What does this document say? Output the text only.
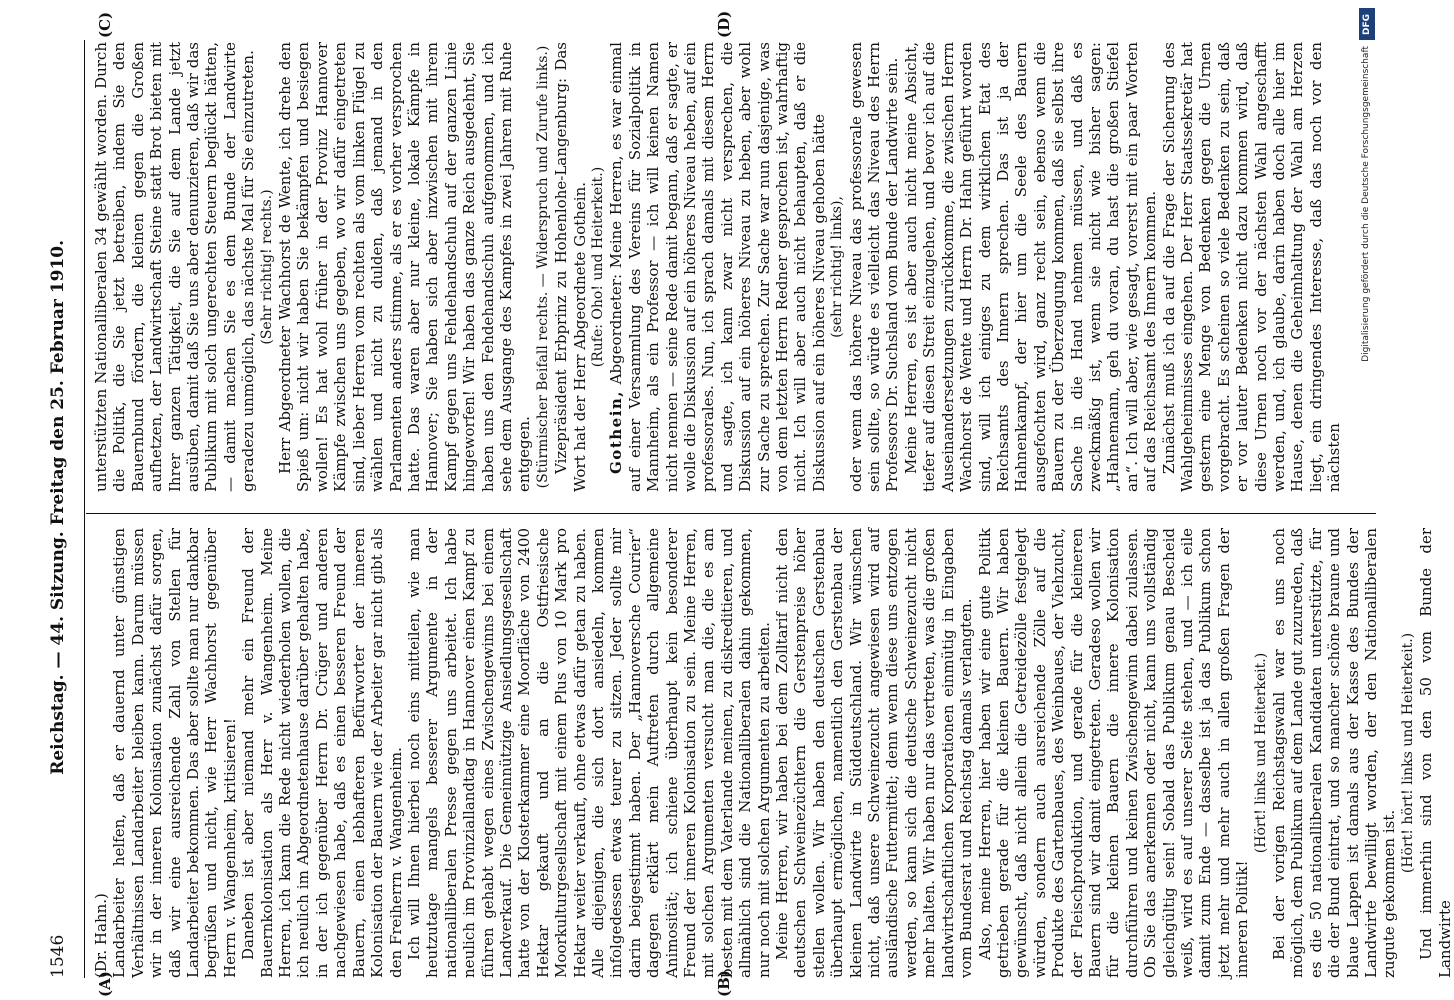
1546
Reichstag. — 44. Sitzung. Freitag den 25. Februar 1910.
(A)	(B)
(C)	(D)

(Dr. Hahn.) Landarbeiter helfen, daß er dauernd unter günstigen Verhältnissen Landarbeiter bleiben kann. Darum müssen wir in der inneren Kolonisation zunächst dafür sorgen, daß wir eine ausreichende Zahl von Stellen für Landarbeiter bekommen. Das aber sollte man nur dankbar begrüßen und nicht, wie Herr Wachhorst gegenüber Herrn v. Wangenheim, kritisieren! Daneben ist aber niemand mehr ein Freund der Bauernkolonisation als Herr v. Wangenheim. Meine Herren, ich kann die Rede nicht wiederholen wollen, die ich neulich im Abgeordnetenhause darüber gehalten habe, in der ich gegenüber Herrn Dr. Crüger und anderen nachgewiesen habe, daß es einen besseren Freund der Bauern, einen lebhafteren Befürworter der inneren Kolonisation der Bauern wie der Arbeiter gar nicht gibt als den Freiherrn v. Wangenheim. Ich will Ihnen hierbei noch eins mitteilen, wie man heutzutage mangels besserer Argumente in der nationalliberalen Presse gegen uns arbeitet. Ich habe neulich im Provinziallandtag in Hannover einen Kampf zu führen gehabt wegen eines Zwischengewinns bei einem Landverkauf. Die Gemeinnützige Ansiedlungsgesellschaft hatte von der Klosterkammer eine Moorfläche von 2400 Hektar gekauft und an die Ostfriesische Moorkulturgesellschaft mit einem Plus von 10 Mark pro Hektar weiter verkauft, ohne etwas dafür getan zu haben. Alle diejenigen, die sich dort ansiedeln, kommen infolgedessen etwas teurer zu sitzen. Jeder sollte mir darin beigestimmt haben. Der „Hannoversche Courier“ dagegen erklärt mein Auftreten durch allgemeine Animosität; ich schiene überhaupt kein besonderer Freund der inneren Kolonisation zu sein. Meine Herren, mit solchen Argumenten versucht man die, die es am besten mit dem Vaterlande meinen, zu diskreditieren, und allmählich sind die Nationalliberalen dahin gekommen, nur noch mit solchen Argumenten zu arbeiten. Meine Herren, wir haben bei dem Zolltarif nicht den deutschen Schweinezüchtern die Gerstenpreise höher stellen wollen. Wir haben den deutschen Gerstenbau überhaupt ermöglichen, namentlich den Gerstenbau der kleinen Landwirte in Süddeutschland. Wir wünschen nicht, daß unsere Schweinezucht angewiesen wird auf ausländische Futtermittel; denn wenn diese uns entzogen werden, so kann sich die deutsche Schweinezucht nicht mehr halten. Wir haben nur das vertreten, was die großen landwirtschaftlichen Korporationen einmütig in Eingaben vom Bundesrat und Reichstag damals verlangten. Also, meine Herren, hier haben wir eine gute Politik getrieben gerade für die kleinen Bauern. Wir haben gewünscht, daß nicht allein die Getreidezölle festgelegt würden, sondern auch ausreichende Zölle auf die Produkte des Gartenbaues, des Weinbaues, der Viehzucht, der Fleischproduktion, und gerade für die kleineren Bauern sind wir damit eingetreten. Geradeso wollen wir für die kleinen Bauern die innere Kolonisation durchführen und keinen Zwischengewinn dabei zulassen. Ob Sie das anerkennen oder nicht, kann uns vollständig gleichgültig sein! Sobald das Publikum genau Bescheid weiß, wird es auf unserer Seite stehen, und — ich eile damit zum Ende — dasselbe ist ja das Publikum schon jetzt mehr und mehr auch in allen großen Fragen der inneren Politik!

(Hört! links und Heiterkeit.) Bei der vorigen Reichstagswahl war es uns noch möglich, dem Publikum auf dem Lande gut zuzureden, daß es die 50 nationalliberalen Kandidaten unterstützte, für die der Bund eintrat, und so mancher schöne braune und blaue Lappen ist damals aus der Kasse des Bundes der Landwirte bewilligt worden, der den Nationalliberalen zugute gekommen ist.

(Hört! hört! links und Heiterkeit.) Und immerhin sind von den 50 vom Bunde der Landwirte

unterstützten Nationalliberalen 34 gewählt worden. Durch die Politik, die Sie jetzt betreiben, indem Sie den Bauernbund fördern, die kleinen gegen die Großen aufhetzen, der Landwirtschaft Steine statt Brot bieten mit Ihrer ganzen Tätigkeit, die Sie auf dem Lande jetzt ausüben, damit daß Sie uns aber denunzieren, daß wir das Publikum mit solch ungerechten Steuern beglückt hätten, — damit machen Sie es dem Bunde der Landwirte geradezu unmöglich, das nächste Mal für Sie einzutreten. (Sehr richtig! rechts.) Herr Abgeordneter Wachhorst de Wente, ich drehe den Spieß um: nicht wir haben Sie bekämpfen und besiegen wollen! Es hat wohl früher in der Provinz Hannover Kämpfe zwischen uns gegeben, wo wir dafür eingetreten sind, lieber Herren vom rechten als vom linken Flügel zu wählen und nicht zu dulden, daß jemand in den Parlamenten anders stimme, als er es vorher versprochen hatte. Das waren aber nur kleine, lokale Kämpfe in Hannover; Sie haben sich aber inzwischen mit ihrem Kampf gegen uns Fehdehandschuh auf der ganzen Linie hingeworfen! Wir haben das ganze Reich ausgedehnt, Sie haben uns den Fehdehandschuh aufgenommen, und ich sehe dem Ausgange des Kampfes in zwei Jahren mit Ruhe entgegen. (Stürmischer Beifall rechts. — Widerspruch und Zurufe links.) Vizepräsident Erbprinz zu Hohenlohe-Langenburg: Das Wort hat der Herr Abgeordnete Gothein. (Rufe: Oho! und Heiterkeit.)

Gothein, Abgeordneter: Meine Herren, es war einmal auf einer Versammlung des Vereins für Sozialpolitik in Mannheim, als ein Professor — ich will keinen Namen nicht nennen — seine Rede damit begann, daß er sagte, er wolle die Diskussion auf ein höheres Niveau heben, auf ein professorales. Nun, ich sprach damals mit diesem Herrn und sagte, ich kann zwar nicht versprechen, die Diskussion auf ein höheres Niveau zu heben, aber wohl zur Sache zu sprechen. Zur Sache war nun dasjenige, was von dem letzten Herrn Redner gesprochen ist, wahrhaftig nicht. Ich will aber auch nicht behaupten, daß er die Diskussion auf ein höheres Niveau gehoben hätte (sehr richtig! links), oder wenn das höhere Niveau das professorale gewesen sein sollte, so würde es vielleicht das Niveau des Herrn Professors Dr. Suchsland vom Bunde der Landwirte sein. Meine Herren, es ist aber auch nicht meine Absicht, tiefer auf diesen Streit einzugehen, und bevor ich auf die Auseinandersetzungen zurückkomme, die zwischen Herrn Wachhorst de Wente und Herrn Dr. Hahn geführt worden sind, will ich einiges zu dem wirklichen Etat des Reichsamts des Innern sprechen. Das ist ja der Hahnenkampf, der hier um die Seele des Bauern ausgefochten wird, ganz recht sein, ebenso wenn die Bauern zu der Überzeugung kommen, daß sie selbst ihre Sache in die Hand nehmen müssen, und daß es zweckmäßig ist, wenn sie nicht wie bisher sagen: „Hahnemann, geh du voran, du hast die großen Stiefel an“. Ich will aber, wie gesagt, vorerst mit ein paar Worten auf das Reichsamt des Innern kommen. Zunächst muß ich da auf die Frage der Sicherung des Wahlgeheimnisses eingehen. Der Herr Staatssekretär hat gestern eine Menge von Bedenken gegen die Urnen vorgebracht. Es scheinen so viele Bedenken zu sein, daß er vor lauter Bedenken nicht dazu kommen wird, daß diese Urnen noch vor der nächsten Wahl angeschafft werden, und, ich glaube, darin haben doch alle hier im Hause, denen die Geheimhaltung der Wahl am Herzen liegt, ein dringendes Interesse, daß das noch vor den nächsten

DFG
Digitalisierung gefördert durch die Deutsche Forschungsgemeinschaft
